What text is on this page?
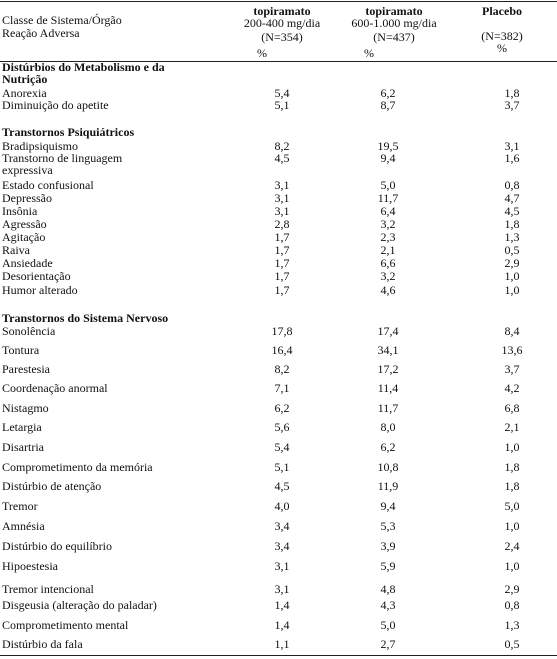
Classe de Sistema/Órgão
Reação Adversa
topiramato
200-400 mg/dia
(N=354)
%
topiramato
600-1.000 mg/dia
(N=437)
%
Placebo
(N=382)
%
Distúrbios do Metabolismo e da
Nutrição
Anorexia	5,4	6,2	1,8
Diminuição do apetite	5,1	8,7	3,7
Transtornos Psiquiátricos
Bradipsiquismo	8,2	19,5	3,1
Transtorno de linguagem
expressiva
4,5	9,4	1,6
Estado confusional	3,1	5,0	0,8
Depressão	3,1	11,7	4,7
Insônia	3,1	6,4	4,5
Agressão	2,8	3,2	1,8
Agitação	1,7	2,3	1,3
Raiva	1,7	2,1	0,5
Ansiedade	1,7	6,6	2,9
Desorientação	1,7	3,2	1,0
Humor alterado	1,7	4,6	1,0
Transtornos do Sistema Nervoso
Sonolência	17,8	17,4	8,4
Tontura	16,4	34,1	13,6
Parestesia	8,2	17,2	3,7
Coordenação anormal	7,1	11,4	4,2
Nistagmo	6,2	11,7	6,8
Letargia	5,6	8,0	2,1
Disartria	5,4	6,2	1,0
Comprometimento da memória	5,1	10,8	1,8
Distúrbio de atenção	4,5	11,9	1,8
Tremor	4,0	9,4	5,0
Amnésia	3,4	5,3	1,0
Distúrbio do equilíbrio	3,4	3,9	2,4
Hipoestesia	3,1	5,9	1,0
Tremor intencional	3,1	4,8	2,9
Disgeusia (alteração do paladar)	1,4	4,3	0,8
Comprometimento mental	1,4	5,0	1,3
Distúrbio da fala	1,1	2,7	0,5
